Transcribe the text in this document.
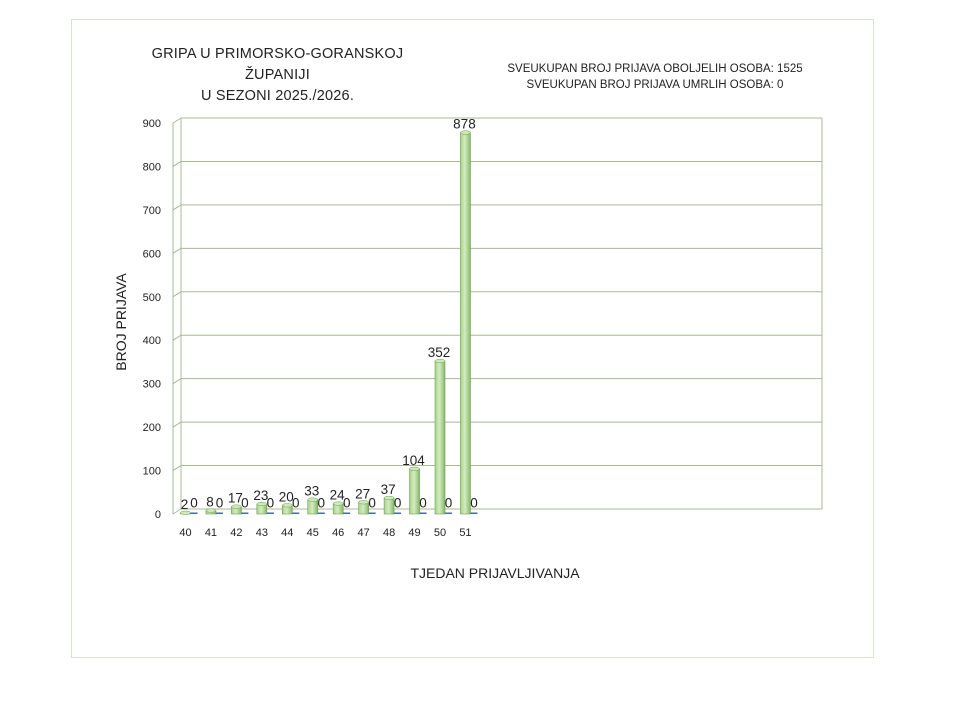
GRIPA U PRIMORSKO-GORANSKOJ ŽUPANIJI
U SEZONI 2025./2026.
SVEUKUPAN BROJ PRIJAVA OBOLJELIH OSOBA: 1525
SVEUKUPAN BROJ PRIJAVA UMRLIH OSOBA: 0
0
100
200
300
400
500
600
700
800
900
2 0 8 0 17
0 23
0 20
0
33
0
24
0
27
0
37
0
104
0
352
0
878
0
40 41 42 43 44 45 46 47 48 49 50 51
BROJ PRIJAVA
TJEDAN PRIJAVLJIVANJA
